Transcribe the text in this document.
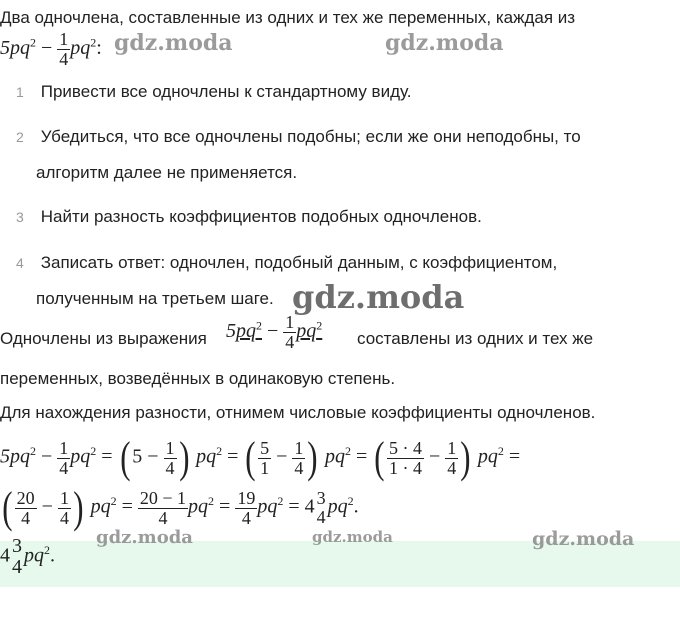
Два одночлена, составленные из одних и тех же переменных, каждая из
$5pq^2 - \frac{1}{4} pq^2$:
1 Привести все одночлены к стандартному виду.
2 Убедиться, что все одночлены подобны; если же они неподобны, то
алгоритм далее не применяется.
3 Найти разность коэффициентов подобных одночленов.
4 Записать ответ: одночлен, подобный данным, с коэффициентом,
полученным на третьем шаге.
Одночлены из выражения $5pq^2 - \frac{1}{4} pq^2$
составлены из одних и тех же
переменных, возведённых в одинаковую степень.
Для нахождения разности, отнимем числовые коэффициенты одночленов.
$5pq^2 - \frac{1}{4} pq^2$ = ( $5 - \frac{1}{4}$ ) $pq^2$ = ( $\frac{5}{1} - \frac{1}{4}$ ) $pq^2$ = ( $\frac{5 \cdot 4}{1 \cdot 4} - \frac{1}{4}$ ) $pq^2$ =
( $\frac{20}{4} - \frac{1}{4}$ ) $pq^2 = \frac{20 - 1}{4} pq^2 = \frac{19}{4} pq^2 = 4$ 3
4 $pq^2$.
4 3
4
$pq^2$.
gdz.moda	gdz.moda
gdz.moda
gdz.moda	gdz.moda	gdz.moda
